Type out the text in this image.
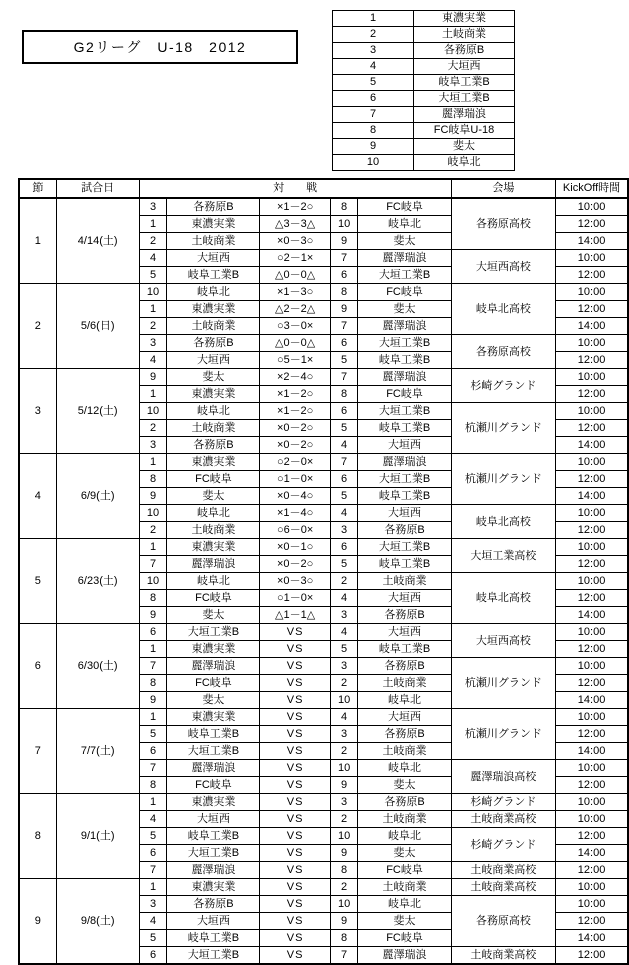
G2リーグ　U-18　2012
1	東濃実業
2	土岐商業
3	各務原B
4	大垣西
5	岐阜工業B
6	大垣工業B
7	麗澤瑞浪
8	FC岐阜U-18
9	斐太
10	岐阜北
節	試合日	対　　戦					会場	KickOff時間
1	4/14(土)	3	各務原B	×1－2○	8	FC岐阜	各務原高校	10:00
		1	東濃実業	△3－3△	10	岐阜北		12:00
		2	土岐商業	×0－3○	9	斐太		14:00
		4	大垣西	○2－1×	7	麗澤瑞浪	大垣西高校	10:00
		5	岐阜工業B	△0－0△	6	大垣工業B		12:00
2	5/6(日)	10	岐阜北	×1－3○	8	FC岐阜	岐阜北高校	10:00
		1	東濃実業	△2－2△	9	斐太		12:00
		2	土岐商業	○3－0×	7	麗澤瑞浪		14:00
		3	各務原B	△0－0△	6	大垣工業B	各務原高校	10:00
		4	大垣西	○5－1×	5	岐阜工業B		12:00
3	5/12(土)	9	斐太	×2－4○	7	麗澤瑞浪	杉崎グランド	10:00
		1	東濃実業	×1－2○	8	FC岐阜		12:00
		10	岐阜北	×1－2○	6	大垣工業B	杭瀬川グランド	10:00
		2	土岐商業	×0－2○	5	岐阜工業B		12:00
		3	各務原B	×0－2○	4	大垣西		14:00
4	6/9(土)	1	東濃実業	○2－0×	7	麗澤瑞浪	杭瀬川グランド	10:00
		8	FC岐阜	○1－0×	6	大垣工業B		12:00
		9	斐太	×0－4○	5	岐阜工業B		14:00
		10	岐阜北	×1－4○	4	大垣西	岐阜北高校	10:00
		2	土岐商業	○6－0×	3	各務原B		12:00
5	6/23(土)	1	東濃実業	×0－1○	6	大垣工業B	大垣工業高校	10:00
		7	麗澤瑞浪	×0－2○	5	岐阜工業B		12:00
		10	岐阜北	×0－3○	2	土岐商業	岐阜北高校	10:00
		8	FC岐阜	○1－0×	4	大垣西		12:00
		9	斐太	△1－1△	3	各務原B		14:00
6	6/30(土)	6	大垣工業B	VS	4	大垣西	大垣西高校	10:00
		1	東濃実業	VS	5	岐阜工業B		12:00
		7	麗澤瑞浪	VS	3	各務原B	杭瀬川グランド	10:00
		8	FC岐阜	VS	2	土岐商業		12:00
		9	斐太	VS	10	岐阜北		14:00
7	7/7(土)	1	東濃実業	VS	4	大垣西	杭瀬川グランド	10:00
		5	岐阜工業B	VS	3	各務原B		12:00
		6	大垣工業B	VS	2	土岐商業		14:00
		7	麗澤瑞浪	VS	10	岐阜北	麗澤瑞浪高校	10:00
		8	FC岐阜	VS	9	斐太		12:00
8	9/1(土)	1	東濃実業	VS	3	各務原B	杉崎グランド	10:00
		4	大垣西	VS	2	土岐商業	土岐商業高校	10:00
		5	岐阜工業B	VS	10	岐阜北	杉崎グランド	12:00
		6	大垣工業B	VS	9	斐太		14:00
		7	麗澤瑞浪	VS	8	FC岐阜	土岐商業高校	12:00
9	9/8(土)	1	東濃実業	VS	2	土岐商業	土岐商業高校	10:00
		3	各務原B	VS	10	岐阜北	各務原高校	10:00
		4	大垣西	VS	9	斐太		12:00
		5	岐阜工業B	VS	8	FC岐阜		14:00
		6	大垣工業B	VS	7	麗澤瑞浪	土岐商業高校	12:00
